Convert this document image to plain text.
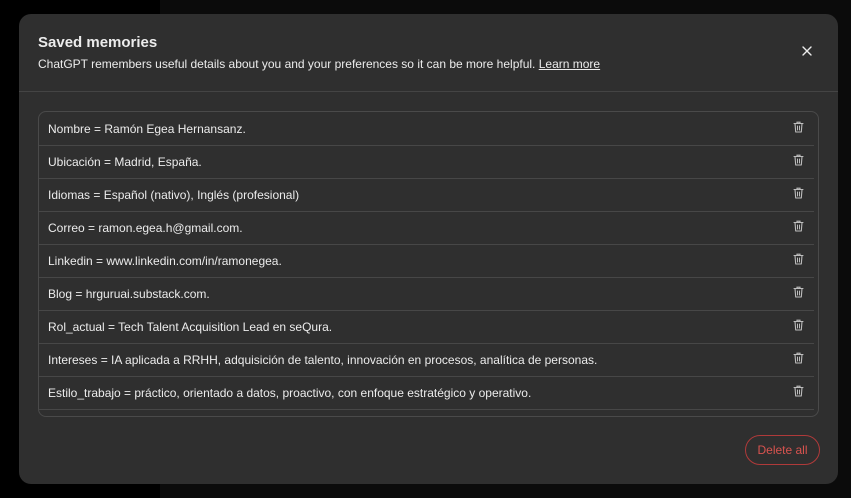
Saved memories
ChatGPT remembers useful details about you and your preferences so it can be more helpful. Learn more
Nombre = Ramón Egea Hernansanz.
Ubicación = Madrid, España.
Idiomas = Español (nativo), Inglés (profesional)
Correo = ramon.egea.h@gmail.com.
Linkedin = www.linkedin.com/in/ramonegea.
Blog = hrguruai.substack.com.
Rol_actual = Tech Talent Acquisition Lead en seQura.
Intereses = IA aplicada a RRHH, adquisición de talento, innovación en procesos, analítica de personas.
Estilo_trabajo = práctico, orientado a datos, proactivo, con enfoque estratégico y operativo.
Delete all
